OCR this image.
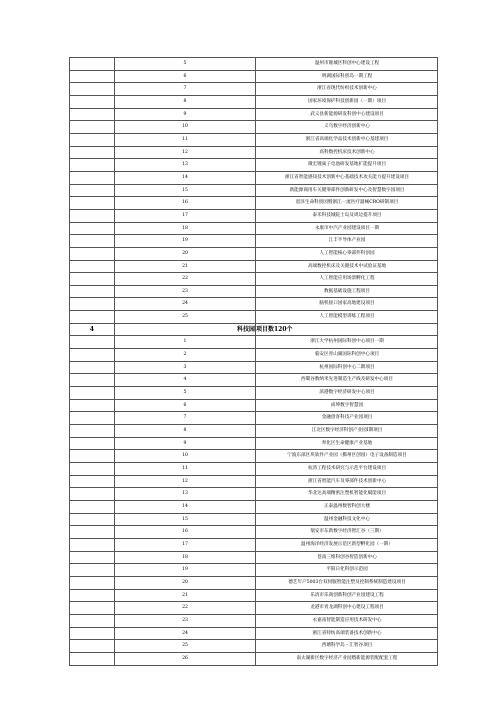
	5	温州市鹿城区科创中心建设工程
	6	明湖国际科创岛一期工程
	7	浙江省现代纺织技术创新中心
	8	国家环境保护科技创新园（一期）项目
	9	武义县新能源研发科创中心建设项目
	10	义乌数字经济创新中心
	11	浙江省高端化学品技术创新中心基建项目
	12	高科数控机床技术创新中心
	13	微宏锂离子电池研发基地扩能提升项目
	14	浙江省智能感知技术创新中心基础技术攻关能力提升建设项目
	15	新能源商用车关键零部件创新研发中心及智慧数字园项目
	16	恩泽生命科创园暨浙江一流医疗器械CRO研制项目
	17	泰禾科技城院士岛及周边提升项目
	18	永康市中汽产业园建设项目一期
	19	江丰半导体产业园
	20	人工智能核心零部件科创园
	21	高端数控机床及关键技术中试验证基地
	22	人工智能应用场景孵化工程
	23	数据基础设施工程项目
	24	脑机接口国家高地建设项目
	25	人工智能模型训练工程项目
4	科技园	项目数120个
	1	浙江大学杭州国际科创中心项目一期
	2	临安区青山湖国际科创中心项目
	3	杭州国际科创中心二期项目
	4	西蜀谷数纳米先进制造生产线及研发中心项目
	5	滨港数字经济研发中心项目
	6	尚坤数字智慧园
	7	金融创客科技产业园项目
	8	江北区数字经济科创产业园Ⅰ期项目
	9	奉化区生命健康产业基地
	10	宁波东部区块软件产业园（鄞州区创园）电子设备制造项目
	11	杭湾工程技术研究与示范平台建设项目
	12	浙江省智能汽车及零部件技术创新中心
	13	华北达高端精密注塑机智能化赋能项目
	14	正泰温州数智科创大楼
	15	温州金融科技文化中心
	16	瑞安市东新数字经济智汇谷（三期）
	17	温州海洋经济发展示范区新型孵化园（一期）
	18	苍南三维科创谷智造创新中心
	19	平阳日化科创示范园
	20	德艺年产5003台双伺服智能注塑及控制系统制造建设项目
	21	乐清市乐商创新科创产业园建设工程
	22	龙港市青龙湖科创中心建设工程项目
	23	永嘉南智能制造应用技术研发中心
	24	浙江省特纺高端装备技术创新中心
	25	西塘科学岛・汇智谷项目
	26	南太湖新区数字经济产业园暨新能源装配配套工程
